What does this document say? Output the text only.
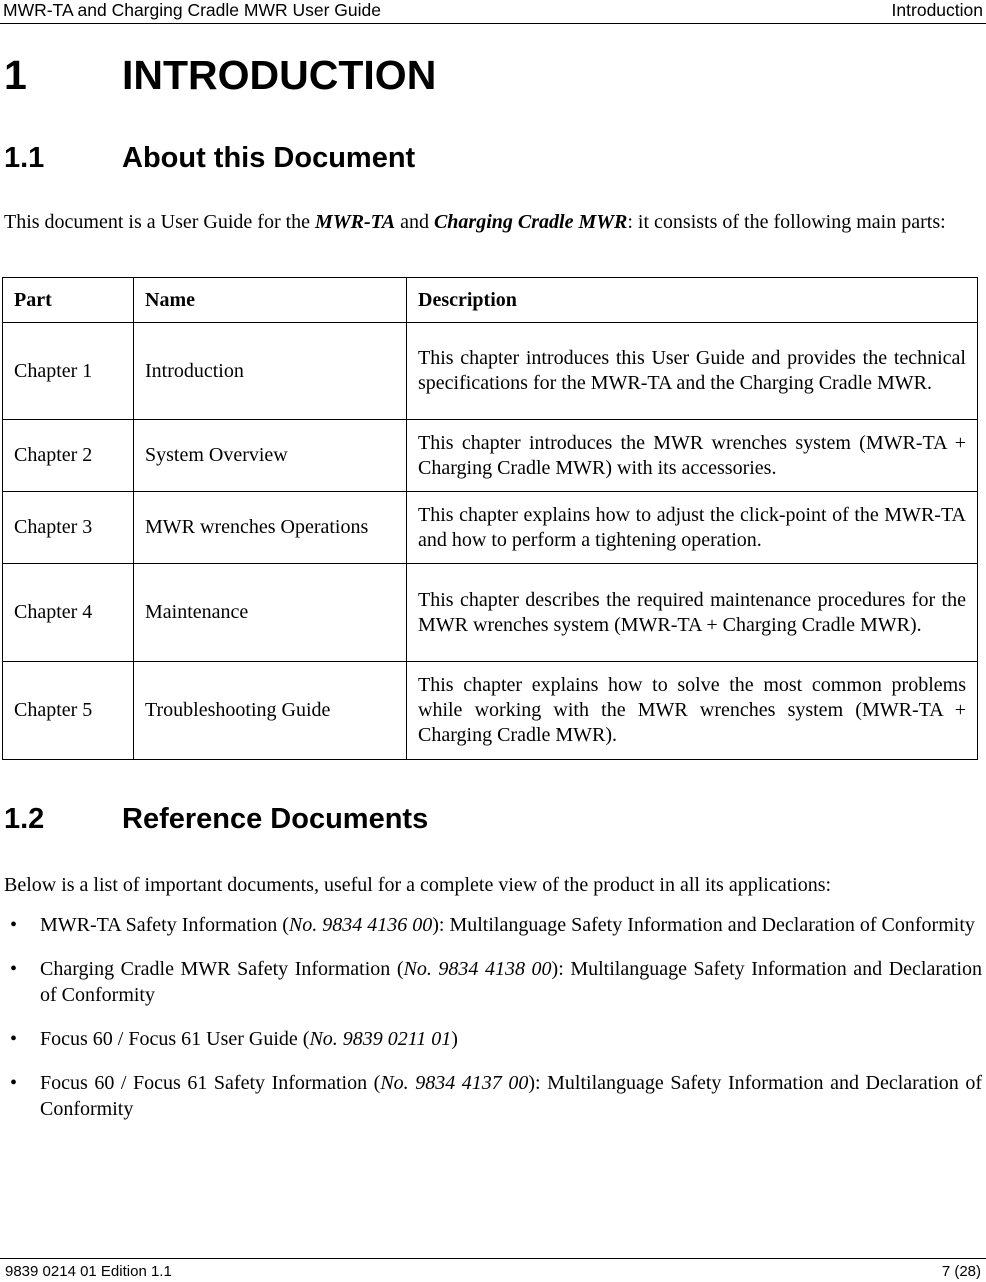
MWR-TA and Charging Cradle MWR User Guide	Introduction
1 INTRODUCTION
1.1	About this Document
This document is a User Guide for the MWR-TA and Charging Cradle MWR: it consists of the following main parts:
Part	Name	Description
Chapter 1	Introduction	This chapter introduces this User Guide and provides the technical specifications for the MWR-TA and the Charging Cradle MWR.
Chapter 2	System Overview	This chapter introduces the MWR wrenches system (MWR-TA + Charging Cradle MWR) with its accessories.
Chapter 3	MWR wrenches Operations	This chapter explains how to adjust the click-point of the MWR-TA and how to perform a tightening operation.
Chapter 4	Maintenance	This chapter describes the required maintenance procedures for the MWR wrenches system (MWR-TA + Charging Cradle MWR).
Chapter 5	Troubleshooting Guide	This chapter explains how to solve the most common problems while working with the MWR wrenches system (MWR-TA + Charging Cradle MWR).
1.2	Reference Documents
Below is a list of important documents, useful for a complete view of the product in all its applications:
• MWR-TA Safety Information (No. 9834 4136 00): Multilanguage Safety Information and Declaration of Conformity
• Charging Cradle MWR Safety Information (No. 9834 4138 00): Multilanguage Safety Information and Declaration of Conformity
• Focus 60 / Focus 61 User Guide (No. 9839 0211 01)
• Focus 60 / Focus 61 Safety Information (No. 9834 4137 00): Multilanguage Safety Information and Declaration of Conformity
9839 0214 01 Edition 1.1	7 (28)
